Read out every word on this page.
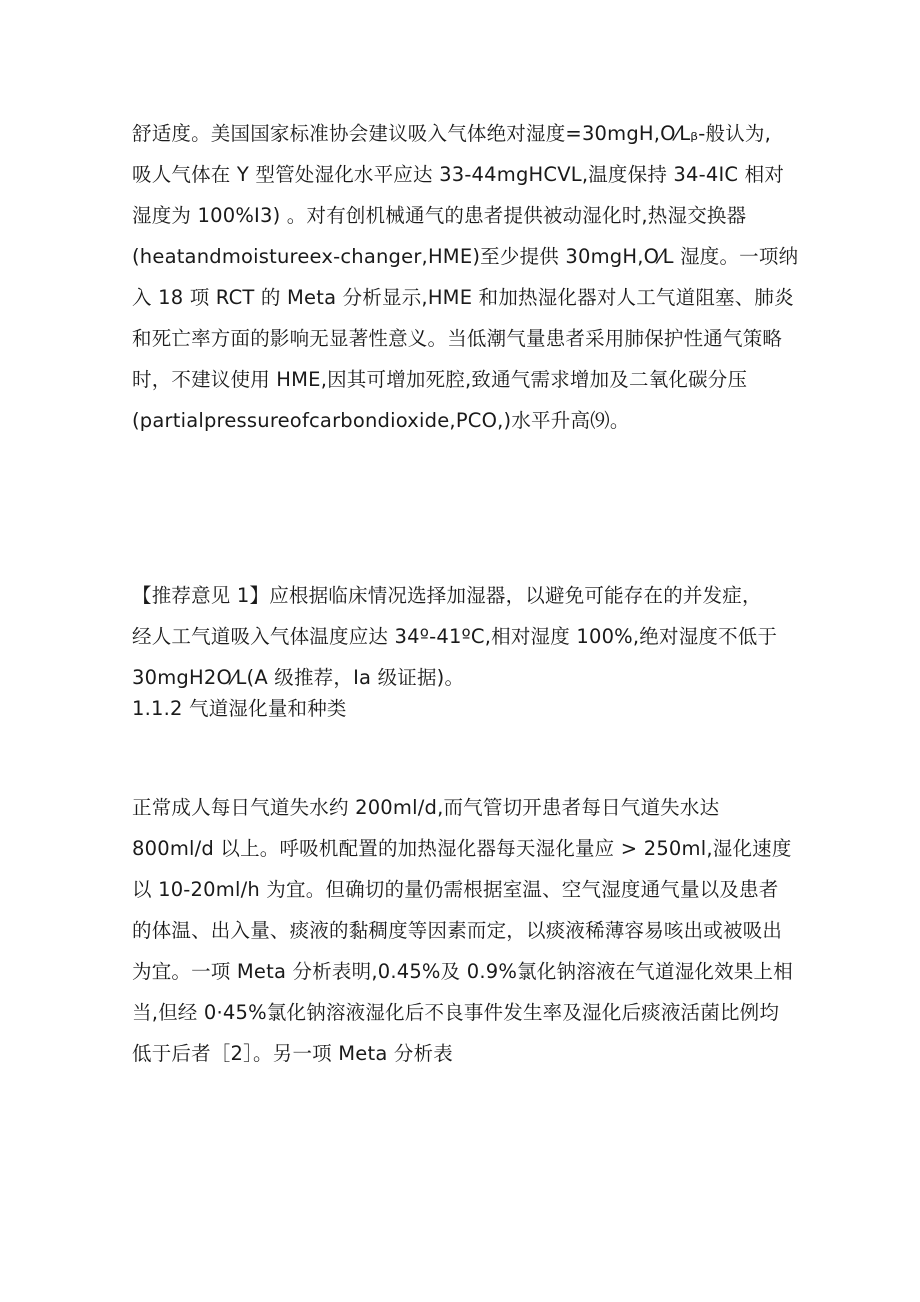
舒适度。美国国家标准协会建议吸入气体绝对湿度=30mgH,O⁄Lᵦ-般认为,
吸人气体在 Y 型管处湿化水平应达 33-44mgHCVL,温度保持 34-4IC 相对
湿度为 100%I3) 。对有创机械通气的患者提供被动湿化时,热湿交换器
(heatandmoistureex-changer,HME)至少提供 30mgH,O⁄L 湿度。一项纳
入 18 项 RCT 的 Meta 分析显示,HME 和加热湿化器对人工气道阻塞、肺炎
和死亡率方面的影响无显著性意义。当低潮气量患者采用肺保护性通气策略
时，不建议使用 HME,因其可增加死腔,致通气需求增加及二氧化碳分压
(partialpressureofcarbondioxide,PCO,)水平升高⑼。
【推荐意见 1】应根据临床情况选择加湿器，以避免可能存在的并发症，
经人工气道吸入气体温度应达 34º-41ºC,相对湿度 100%,绝对湿度不低于
30mgH2O⁄L(A 级推荐，Ia 级证据)。
1.1.2 气道湿化量和种类
正常成人每日气道失水约 200ml/d,而气管切开患者每日气道失水达
800ml/d 以上。呼吸机配置的加热湿化器每天湿化量应 > 250ml,湿化速度
以 10-20ml/h 为宜。但确切的量仍需根据室温、空气湿度通气量以及患者
的体温、出入量、痰液的黏稠度等因素而定，以痰液稀薄容易咳出或被吸出
为宜。一项 Meta 分析表明,0.45%及 0.9%氯化钠溶液在气道湿化效果上相
当,但经 0·45%氯化钠溶液湿化后不良事件发生率及湿化后痰液活菌比例均
低于后者［2］。另一项 Meta 分析表
